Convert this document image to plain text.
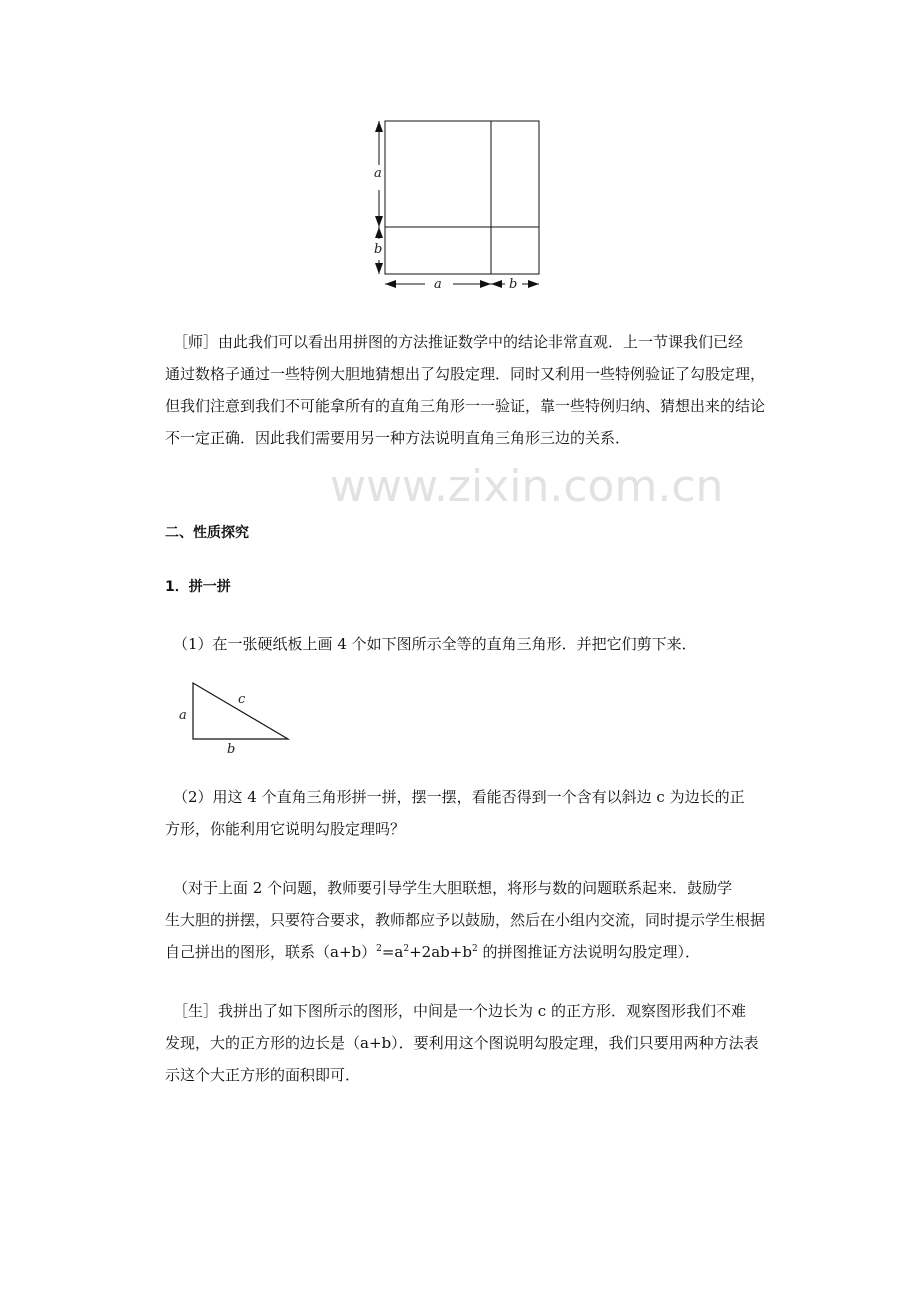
www.zixin.com.cn
a
b
a	b
［师］由此我们可以看出用拼图的方法推证数学中的结论非常直观．上一节课我们已经
通过数格子通过一些特例大胆地猜想出了勾股定理．同时又利用一些特例验证了勾股定理，
但我们注意到我们不可能拿所有的直角三角形一一验证，靠一些特例归纳、猜想出来的结论
不一定正确．因此我们需要用另一种方法说明直角三角形三边的关系．
二、性质探究
1．拼一拼
（1）在一张硬纸板上画 4 个如下图所示全等的直角三角形．并把它们剪下来．
a
c
b
（2）用这 4 个直角三角形拼一拼，摆一摆，看能否得到一个含有以斜边 c 为边长的正
方形，你能利用它说明勾股定理吗？
（对于上面 2 个问题，教师要引导学生大胆联想，将形与数的问题联系起来．鼓励学
生大胆的拼摆，只要符合要求，教师都应予以鼓励，然后在小组内交流，同时提示学生根据
自己拼出的图形，联系$(a+b)^2=a^2+2ab+b^2$ 的拼图推证方法说明勾股定理）．
［生］我拼出了如下图所示的图形，中间是一个边长为 c 的正方形．观察图形我们不难
发现，大的正方形的边长是（a+b）．要利用这个图说明勾股定理，我们只要用两种方法表
示这个大正方形的面积即可．
